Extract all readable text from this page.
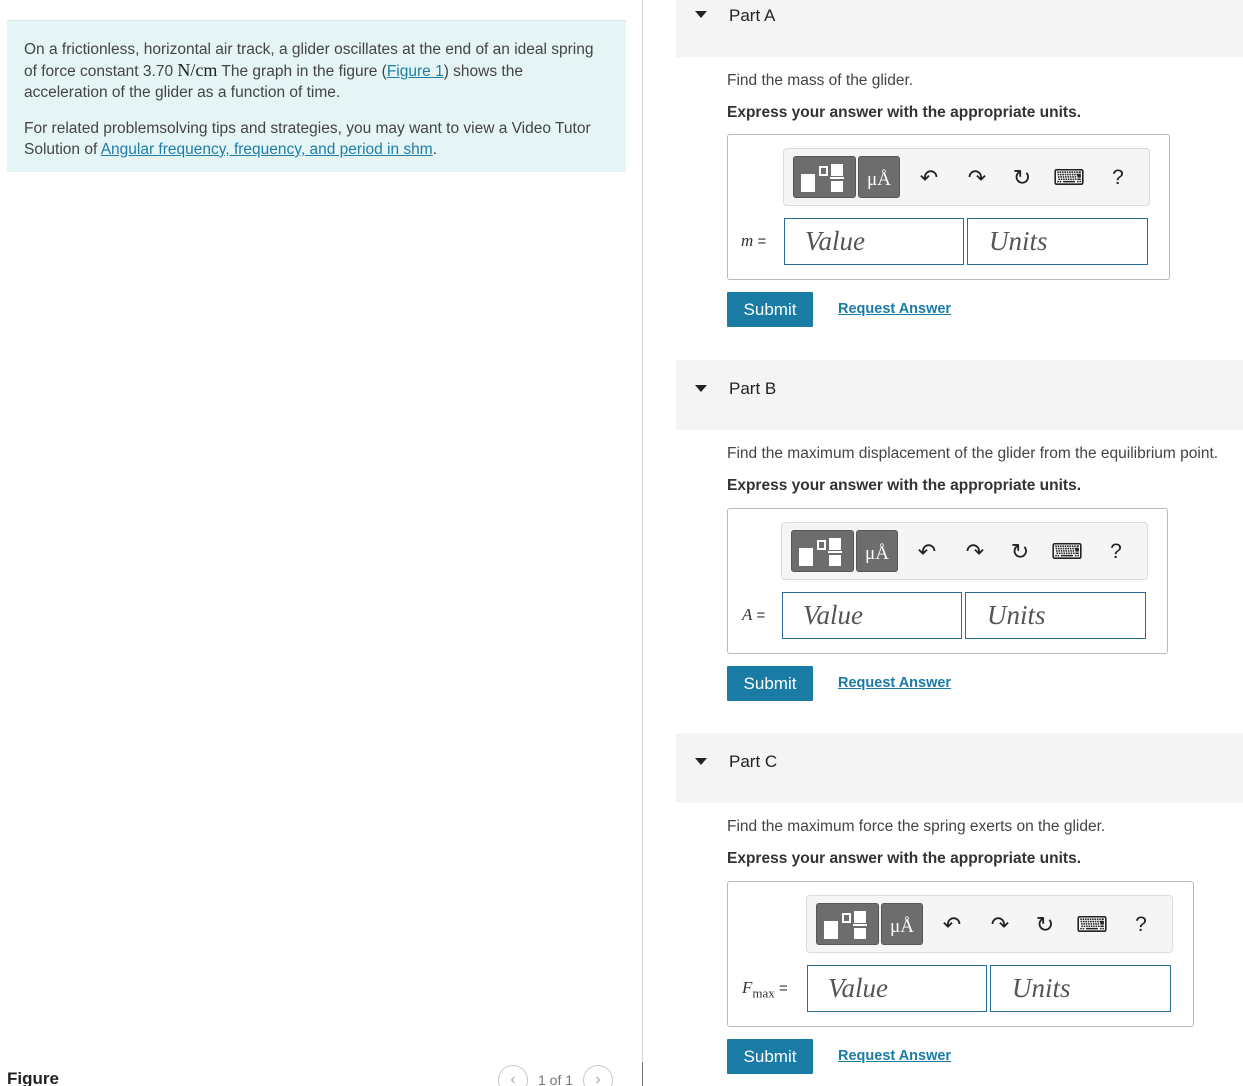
On a frictionless, horizontal air track, a glider oscillates at the end of an ideal spring of force constant 3.70 N/cm The graph in the figure (Figure 1) shows the acceleration of the glider as a function of time.

For related problemsolving tips and strategies, you may want to view a Video Tutor Solution of Angular frequency, frequency, and period in shm.

Figure	‹	1 of 1	›
Part A
Find the mass of the glider.
Express your answer with the appropriate units.
μÅ ↶ ↷ ↻ ⌨	?
m =	Value	Units
Submit	Request Answer
Part B
Find the maximum displacement of the glider from the equilibrium point.
Express your answer with the appropriate units.
μÅ ↶ ↷ ↻ ⌨	?
A =	Value	Units
Submit	Request Answer
Part C
Find the maximum force the spring exerts on the glider.
Express your answer with the appropriate units.
μÅ ↶ ↷ ↻ ⌨	?
$F_{max}$ =	Value	Units
Submit	Request Answer
